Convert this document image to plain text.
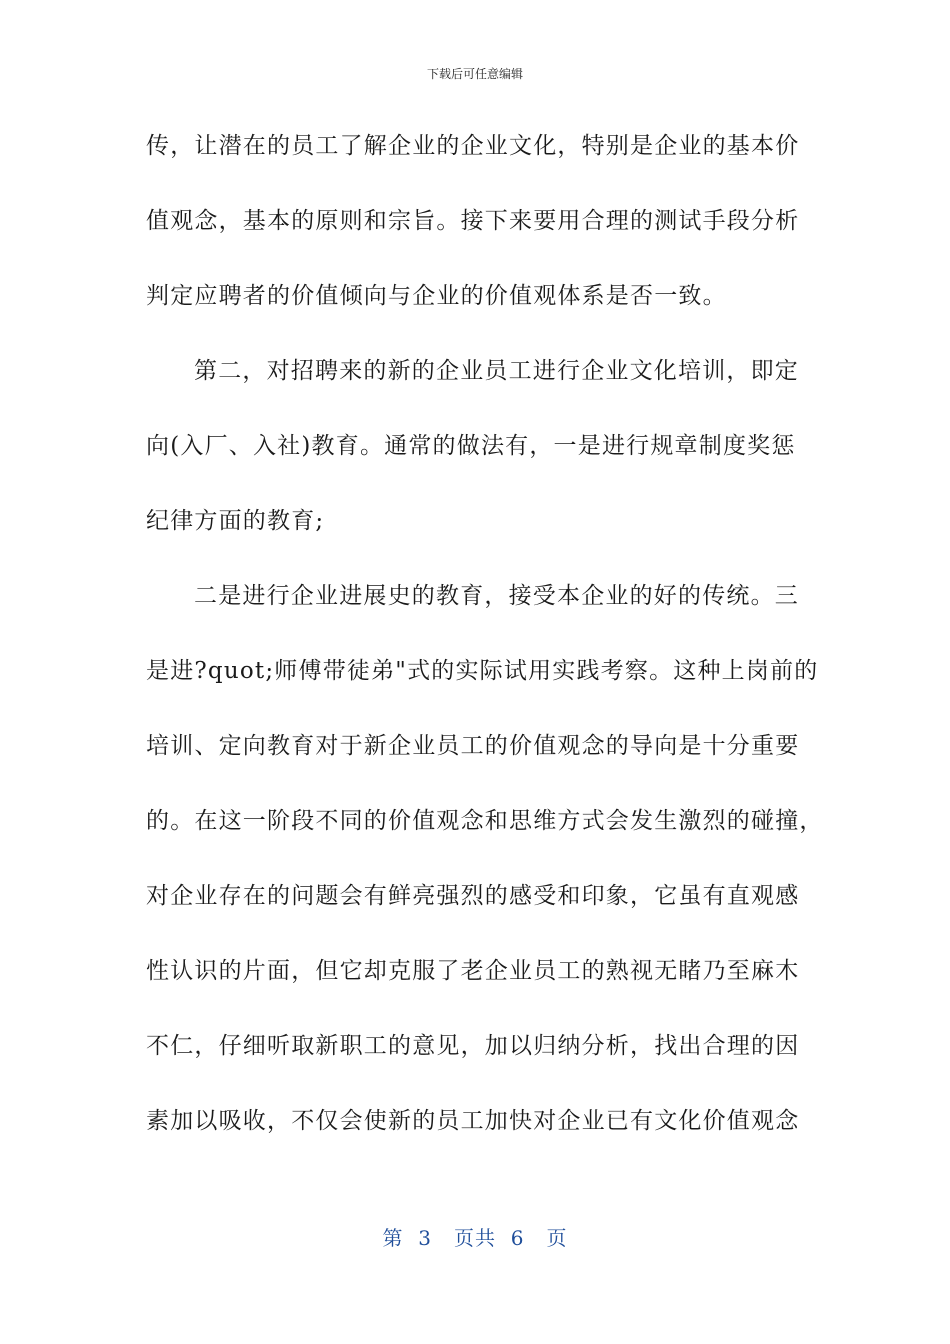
下载后可任意编辑
传，让潜在的员工了解企业的企业文化，特别是企业的基本价
值观念，基本的原则和宗旨。接下来要用合理的测试手段分析
判定应聘者的价值倾向与企业的价值观体系是否一致。
第二，对招聘来的新的企业员工进行企业文化培训，即定
向(入厂、入社)教育。通常的做法有，一是进行规章制度奖惩
纪律方面的教育;
二是进行企业进展史的教育，接受本企业的好的传统。三
是进?quot;师傅带徒弟"式的实际试用实践考察。这种上岗前的
培训、定向教育对于新企业员工的价值观念的导向是十分重要
的。在这一阶段不同的价值观念和思维方式会发生激烈的碰撞，
对企业存在的问题会有鲜亮强烈的感受和印象，它虽有直观感
性认识的片面，但它却克服了老企业员工的熟视无睹乃至麻木
不仁，仔细听取新职工的意见，加以归纳分析，找出合理的因
素加以吸收，不仅会使新的员工加快对企业已有文化价值观念
第  3   页共  6   页
